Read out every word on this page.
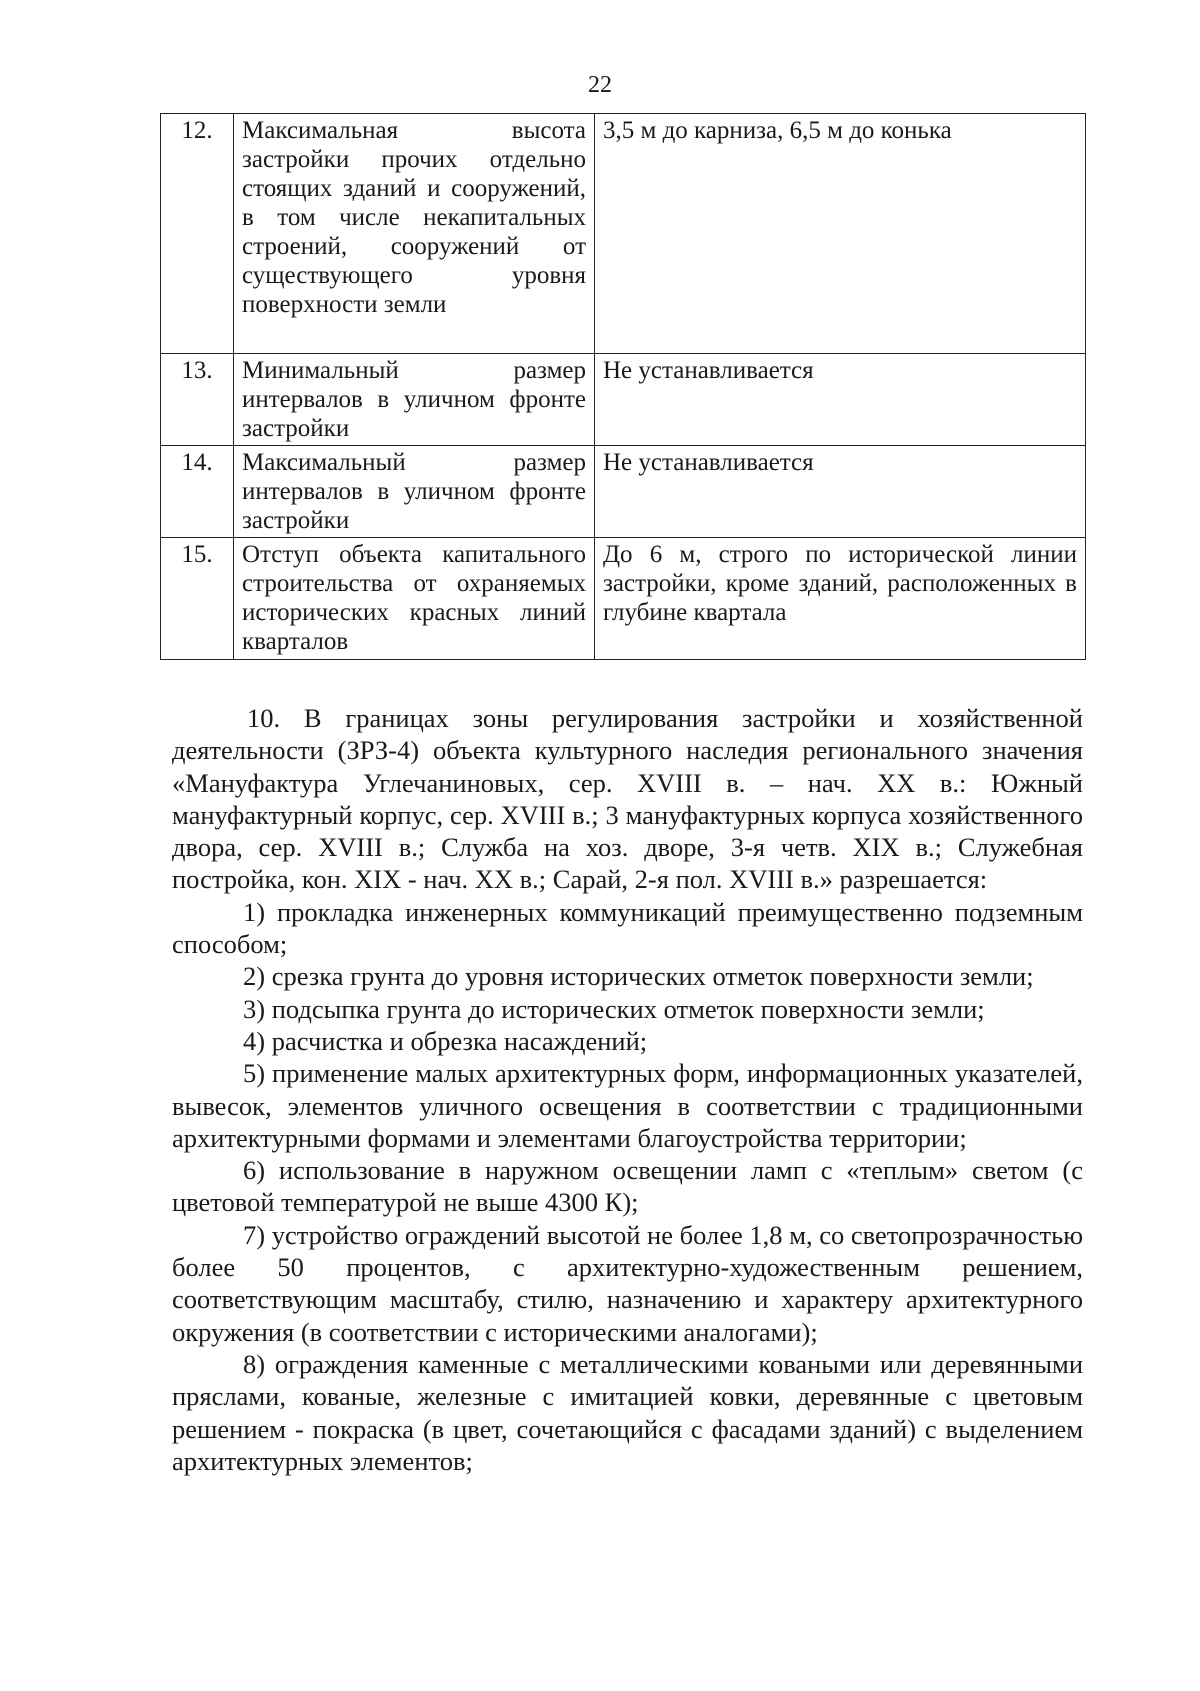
22
12.	Максимальная высота застройки прочих отдельно стоящих зданий и сооружений, в том числе некапитальных строений, сооружений от существующего уровня поверхности земли	3,5 м до карниза, 6,5 м до конька
13.	Минимальный размер интервалов в уличном фронте застройки	Не устанавливается
14.	Максимальный размер интервалов в уличном фронте застройки	Не устанавливается
15.	Отступ объекта капитального строительства от охраняемых исторических красных линий кварталов	До 6 м, строго по исторической линии застройки, кроме зданий, расположенных в глубине квартала

10. В границах зоны регулирования застройки и хозяйственной деятельности (ЗРЗ-4) объекта культурного наследия регионального значения «Мануфактура Углечаниновых, сер. XVIII в. – нач. XX в.: Южный мануфактурный корпус, сер. XVIII в.; 3 мануфактурных корпуса хозяйственного двора, сер. XVIII в.; Служба на хоз. дворе, 3-я четв. XIX в.; Служебная постройка, кон. XIX - нач. XX в.; Сарай, 2-я пол. XVIII в.» разрешается:

1) прокладка инженерных коммуникаций преимущественно подземным способом;

2) срезка грунта до уровня исторических отметок поверхности земли;

3) подсыпка грунта до исторических отметок поверхности земли;

4) расчистка и обрезка насаждений;

5) применение малых архитектурных форм, информационных указателей, вывесок, элементов уличного освещения в соответствии с традиционными архитектурными формами и элементами благоустройства территории;

6) использование в наружном освещении ламп с «теплым» светом (с цветовой температурой не выше 4300 К);

7) устройство ограждений высотой не более 1,8 м, со светопрозрачностью более 50 процентов, с архитектурно-художественным решением, соответствующим масштабу, стилю, назначению и характеру архитектурного окружения (в соответствии с историческими аналогами);

8) ограждения каменные с металлическими коваными или деревянными пряслами, кованые, железные с имитацией ковки, деревянные с цветовым решением - покраска (в цвет, сочетающийся с фасадами зданий) с выделением архитектурных элементов;
